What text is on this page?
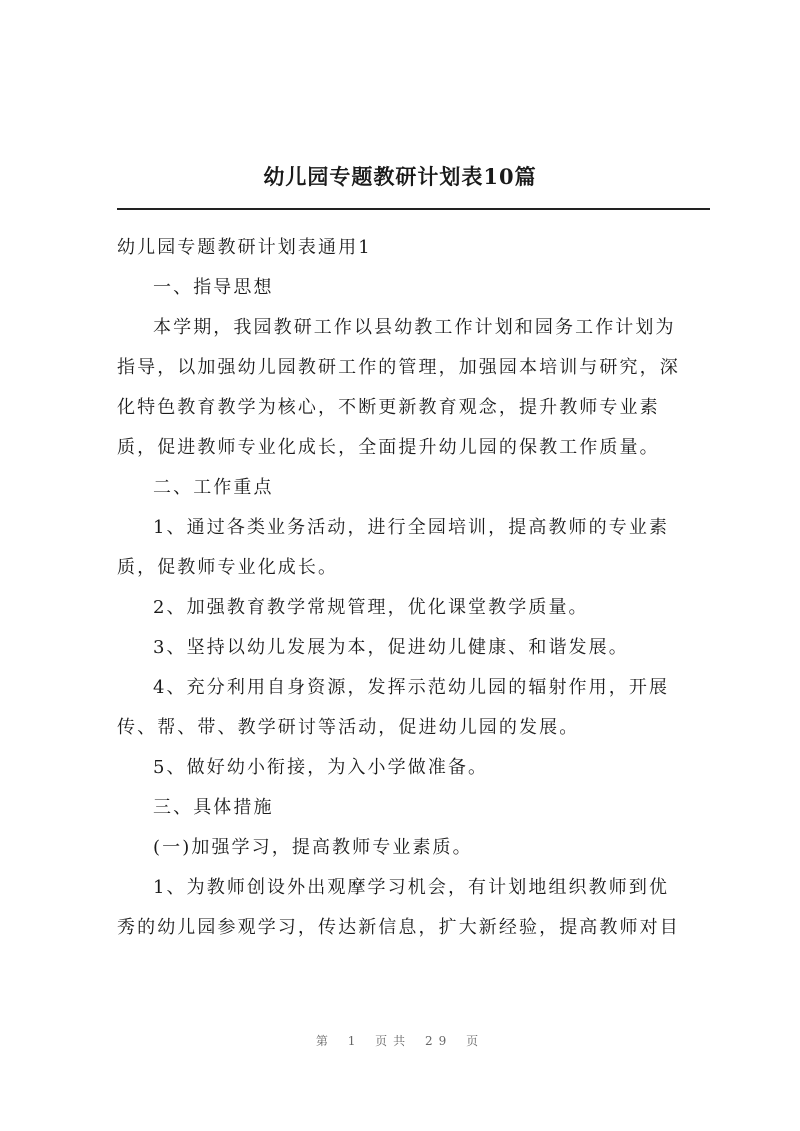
幼儿园专题教研计划表10篇
幼儿园专题教研计划表通用1
一、指导思想
本学期，我园教研工作以县幼教工作计划和园务工作计划为
指导，以加强幼儿园教研工作的管理，加强园本培训与研究，深
化特色教育教学为核心，不断更新教育观念，提升教师专业素
质，促进教师专业化成长，全面提升幼儿园的保教工作质量。
二、工作重点
1、通过各类业务活动，进行全园培训，提高教师的专业素
质，促教师专业化成长。
2、加强教育教学常规管理，优化课堂教学质量。
3、坚持以幼儿发展为本，促进幼儿健康、和谐发展。
4、充分利用自身资源，发挥示范幼儿园的辐射作用，开展
传、帮、带、教学研讨等活动，促进幼儿园的发展。
5、做好幼小衔接，为入小学做准备。
三、具体措施
(一)加强学习，提高教师专业素质。
1、为教师创设外出观摩学习机会，有计划地组织教师到优
秀的幼儿园参观学习，传达新信息，扩大新经验，提高教师对目
第 1 页共 29 页
